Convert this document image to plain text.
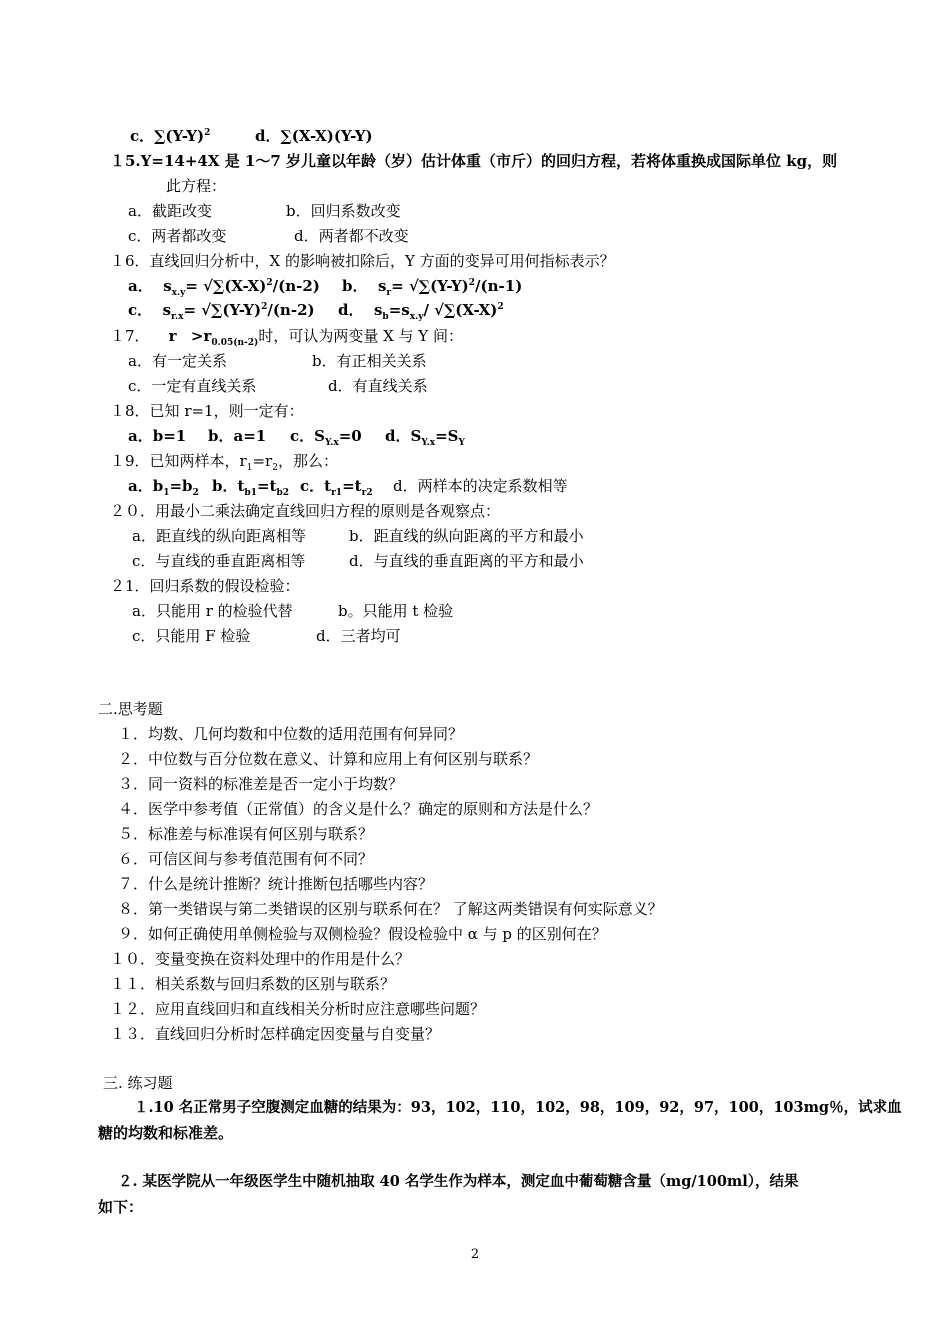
c．$\sum(Y-Y)^2$	d．∑(X-X)(Y-Y)
１5.Y=14+4X 是 1～7 岁儿童以年龄（岁）估计体重（市斤）的回归方程，若将体重换成国际单位 kg，则
此方程：
a．截距改变	b．回归系数改变
c．两者都改变	d．两者都不改变
１6．直线回归分析中，X 的影响被扣除后，Y 方面的变异可用何指标表示？
a． $s_{x.y}= √\sum(X-X)^2/(n-2)$ b． $s_r= √\sum(Y-Y)^2/(n-1)$
c． $s_{r.x}= √\sum(Y-Y)^2/(n-2)$ d． $s_b=s_{x.y}/$ $√\sum(X-X)^2$
１7． $r >r_{0.05(n-2)}$时，可认为两变量 X 与 Y 间：
a．有一定关系	b．有正相关关系
c．一定有直线关系	d．有直线关系
１8．已知 r=1，则一定有：
a．b=1 b．a=1 c．$S_{Y.x}=0$ d．$S_{Y.x}=S_Y$
１9．已知两样本，$r_1=r_2$，那么：
a．$b_1=b_2$ b．$t_{b1}=t_{b2}$ c．$t_{r1}=t_{r2}$ d．两样本的决定系数相等
２０．用最小二乘法确定直线回归方程的原则是各观察点：
a．距直线的纵向距离相等	b．距直线的纵向距离的平方和最小
c．与直线的垂直距离相等	d．与直线的垂直距离的平方和最小
２1．回归系数的假设检验：
a．只能用 r 的检验代替	b。只能用 t 检验
c．只能用 F 检验	d．三者均可
二.思考题
１．均数、几何均数和中位数的适用范围有何异同？
２．中位数与百分位数在意义、计算和应用上有何区别与联系？
３．同一资料的标准差是否一定小于均数？
４．医学中参考值（正常值）的含义是什么？确定的原则和方法是什么？
５．标准差与标准误有何区别与联系？
６．可信区间与参考值范围有何不同？
７．什么是统计推断？统计推断包括哪些内容？
８．第一类错误与第二类错误的区别与联系何在？ 了解这两类错误有何实际意义？
９．如何正确使用单侧检验与双侧检验？假设检验中 α 与 p 的区别何在？
１０．变量变换在资料处理中的作用是什么？
１１．相关系数与回归系数的区别与联系？
１２．应用直线回归和直线相关分析时应注意哪些问题？
１３．直线回归分析时怎样确定因变量与自变量？
三. 练习题
１.10 名正常男子空腹测定血糖的结果为：93，102，110，102，98，109，92，97，100，103mg％，试求血
糖的均数和标准差。
２. 某医学院从一年级医学生中随机抽取 40 名学生作为样本，测定血中葡萄糖含量（mg/100ml），结果
如下：
2
